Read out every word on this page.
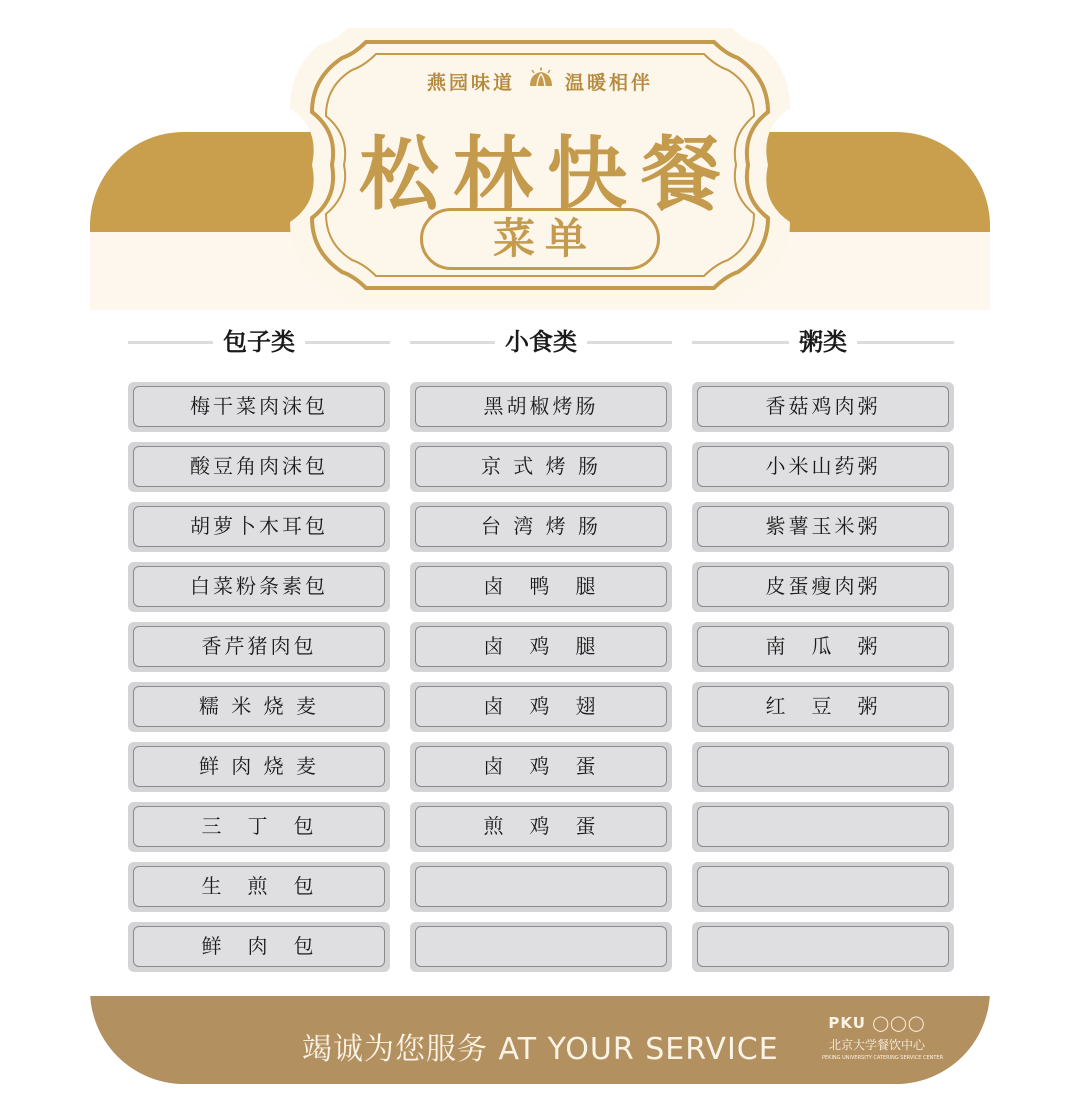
竭诚为您服务 AT YOUR SERVICE
PKU ◯◯◯
北京大学餐饮中心
PEKING UNIVERSITY CATERING SERVICE CENTER
燕园味道	温暖相伴
松林快餐
菜单
包子类
梅干菜肉沫包
酸豆角肉沫包
胡萝卜木耳包
白菜粉条素包
香芹猪肉包
糯 米 烧 麦
鲜 肉 烧 麦
三　丁　包
生　煎　包
鲜　肉　包
小食类
黑胡椒烤肠
京 式 烤 肠
台 湾 烤 肠
卤　鸭　腿
卤　鸡　腿
卤　鸡　翅
卤　鸡　蛋
煎　鸡　蛋
粥类
香菇鸡肉粥
小米山药粥
紫薯玉米粥
皮蛋瘦肉粥
南　瓜　粥
红　豆　粥
